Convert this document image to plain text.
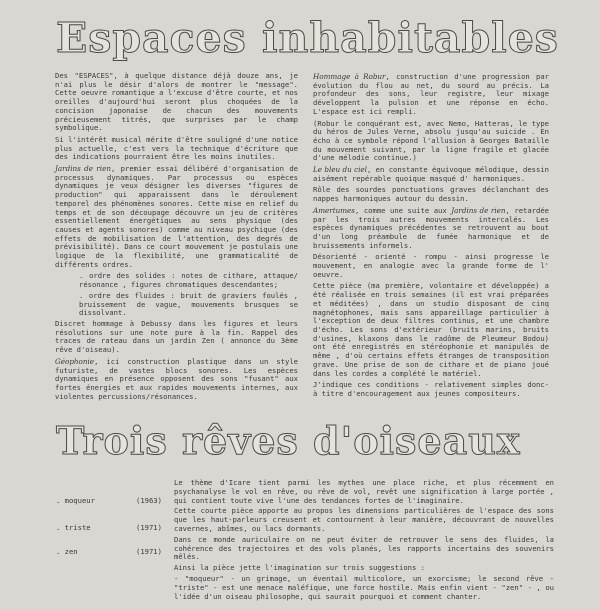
Espaces inhabitables

Des "ESPACES", à quelque distance déjà douze ans, je n'ai plus le désir d'alors de montrer le "message". Cette oeuvre romantique a l'excuse d'être courte, et nos oreilles d'aujourd'hui seront plus choquées de la concision japonaise de chacun des mouvements précieusement titrés, que surprises par le champ symbolique.

Si l'intérêt musical mérite d'être souligné d'une notice plus actuelle, c'est vers la technique d'écriture que des indications pourraient être les moins inutiles.

Jardins de rien, premier essai délibéré d'organisation de processus dynamiques. Par processus ou espèces dynamiques je veux désigner les diverses "figures de production" qui apparaissent dans le déroulement temporel des phénomènes sonores. Cette mise en relief du temps et de son découpage découvre un jeu de critères essentiellement énergétiques au sens physique (des causes et agents sonores) comme au niveau psychique (des effets de mobilisation de l'attention, des degrés de prévisibilité). Dans ce court mouvement je postulais une logique de la flexibilité, une grammaticalité de différents ordres.

. ordre des solides : notes de cithare, attaque/ résonance , figures chromatiques descendantes;

. ordre des fluides : bruit de graviers foulés , bruissement de vague, mouvements brusques se dissolvant.

Discret hommage à Debussy dans les figures et leurs résolutions sur une note pure à la fin. Rappel des traces de rateau dans un jardin Zen ( annonce du 3ème rêve d'oiseau).

Géophonie, ici construction plastique dans un style futuriste, de vastes blocs sonores. Les espèces dynamiques en présence opposent des sons "fusant" aux fortes énergies et aux rapides mouvements internes, aux violentes percussions/résonances.

Hommage à Robur, construction d'une progression par évolution du flou au net, du sourd au précis. La profondeur des sons, leur registre, leur mixage développent la pulsion et une réponse en écho. L'espace est ici rempli.

(Robur le conquérant est, avec Nemo, Hatteras, le type du héros de Jules Verne, absolu jusqu'au suicide . En écho à ce symbole répond l'allusion à Georges Bataille du mouvement suivant, par la ligne fragile et glacée d'une mélodie continue.)

Le bleu du ciel, en constante équivoque mélodique, dessin aisément repérable quoique masqué d' harmoniques.

Rôle des sourdes ponctuations graves déclanchant des nappes harmoniques autour du dessin.

Amertumes, comme une suite aux Jardins de rien, retardée par les trois autres mouvements intercalés. Les espèces dynamiques précédentes se retrouvent au bout d'un long préambule de fumée harmonique et de bruissements informels.

Désorienté - orienté - rompu - ainsi progresse le mouvement, en analogie avec la grande forme de l' oeuvre.

Cette pièce (ma première, volontaire et développée) a été réalisée en trois semaines (il est vrai préparées et méditées) , dans un studio disposant de cinq magnétophones, mais sans appareillage particulier à l'exception de deux filtres continus, et une chambre d'écho. Les sons d'extérieur (bruits marins, bruits d'usines, klaxons dans le radôme de Pleumeur Bodou) ont été enregistrés en stéréophonie et manipulés de même , d'où certains effets étranges de transposition grave. Une prise de son de cithare et de piano joué dans les cordes a complété le matériel.

J'indique ces conditions - relativement simples donc- à titre d'encouragement aux jeunes compositeurs.

Trois rêves d'oiseaux
. moqueur	(1963)
. triste	(1971)
. zen	(1971)

Le thème d'Icare tient parmi les mythes une place riche, et plus récemment en psychanalyse le vol en rêve, ou rêve de vol, revêt une signification à large portée , qui contient toute vive l'une des tendances fortes de l'imaginaire.

Cette courte pièce apporte au propos les dimensions particulières de l'espace des sons que les haut-parleurs creusent et contournent à leur manière, découvrant de nouvelles cavernes, abîmes, ou lacs dormants.

Dans ce monde auriculaire on ne peut éviter de retrouver le sens des fluides, la cohérence des trajectoires et des vols planés, les rapports incertains des souvenirs mêlés.

Ainsi la pièce jette l'imagination sur trois suggestions :

- "moqueur" - un grimage, un éventail multicolore, un exorcisme; le second rêve - "triste" - est une menace maléfique, une force hostile. Mais enfin vient - "zen" - , ou l'idée d'un oiseau philosophe, qui saurait pourquoi et comment chanter.
